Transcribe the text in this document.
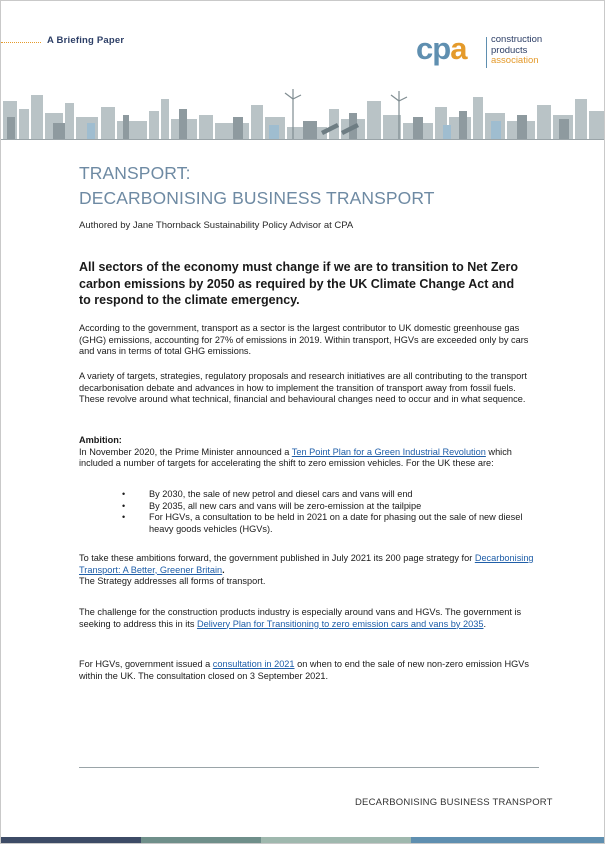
A Briefing Paper	cpa	construction
products
association
TRANSPORT:
DECARBONISING BUSINESS TRANSPORT
Authored by Jane Thornback Sustainability Policy Advisor at CPA
All sectors of the economy must change if we are to transition to Net Zero carbon emissions by 2050 as required by the UK Climate Change Act and to respond to the climate emergency.
According to the government, transport as a sector is the largest contributor to UK domestic greenhouse gas (GHG) emissions, accounting for 27% of emissions in 2019. Within transport, HGVs are exceeded only by cars and vans in terms of total GHG emissions.
A variety of targets, strategies, regulatory proposals and research initiatives are all contributing to the transport decarbonisation debate and advances in how to implement the transition of transport away from fossil fuels. These revolve around what technical, financial and behavioural changes need to occur and in what sequence.
Ambition:
In November 2020, the Prime Minister announced a Ten Point Plan for a Green Industrial Revolution which included a number of targets for accelerating the shift to zero emission vehicles. For the UK these are:
•	By 2030, the sale of new petrol and diesel cars and vans will end
•	By 2035, all new cars and vans will be zero-emission at the tailpipe
•	For HGVs, a consultation to be held in 2021 on a date for phasing out the sale of new diesel heavy goods vehicles (HGVs).
To take these ambitions forward, the government published in July 2021 its 200 page strategy for Decarbonising Transport: A Better, Greener Britain.
The Strategy addresses all forms of transport.
The challenge for the construction products industry is especially around vans and HGVs. The government is seeking to address this in its Delivery Plan for Transitioning to zero emission cars and vans by 2035.
For HGVs, government issued a consultation in 2021 on when to end the sale of new non-zero emission HGVs within the UK. The consultation closed on 3 September 2021.
DECARBONISING BUSINESS TRANSPORT
